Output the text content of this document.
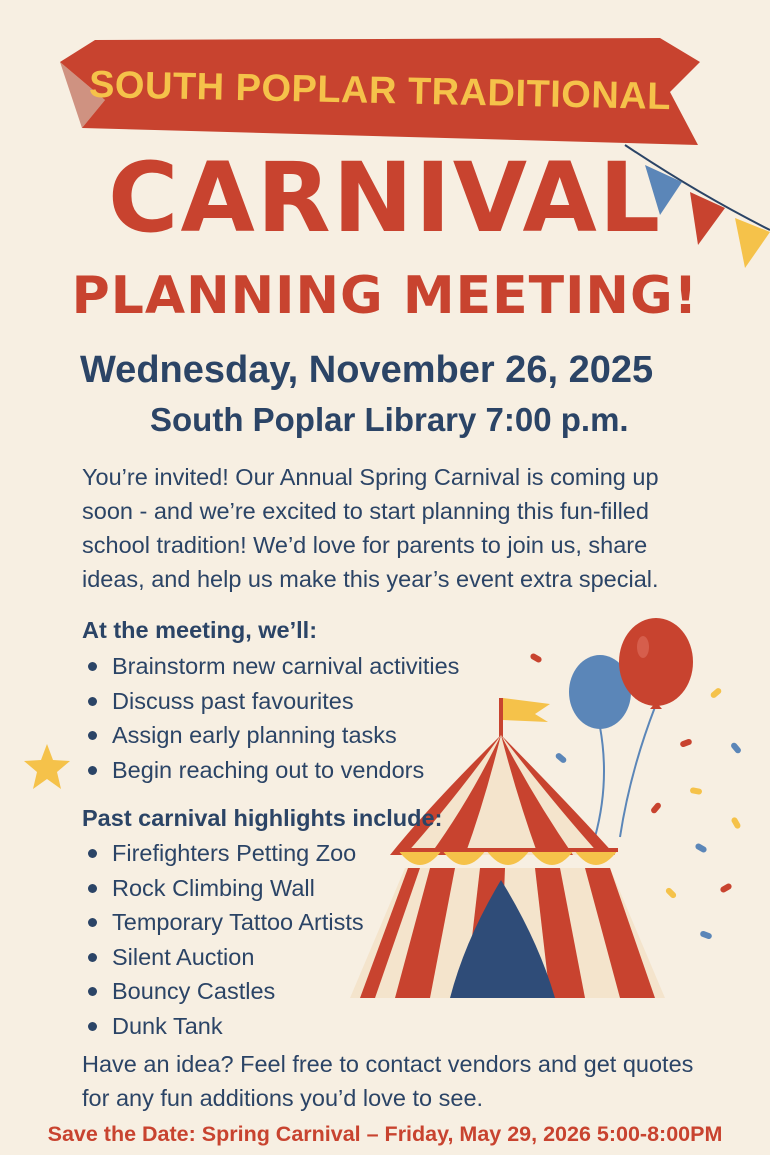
SOUTH POPLAR TRADITIONAL
CARNIVAL
PLANNING MEETING!
Wednesday, November 26, 2025
South Poplar Library 7:00 p.m.
You’re invited! Our Annual Spring Carnival is coming up soon - and we’re excited to start planning this fun-filled school tradition! We’d love for parents to join us, share ideas, and help us make this year’s event extra special.
At the meeting, we’ll:
Brainstorm new carnival activities
Discuss past favourites
Assign early planning tasks
Begin reaching out to vendors
Past carnival highlights include:
Firefighters Petting Zoo
Rock Climbing Wall
Temporary Tattoo Artists
Silent Auction
Bouncy Castles
Dunk Tank
Have an idea? Feel free to contact vendors and get quotes for any fun additions you’d love to see.
Save the Date: Spring Carnival – Friday, May 29, 2026 5:00-8:00PM
